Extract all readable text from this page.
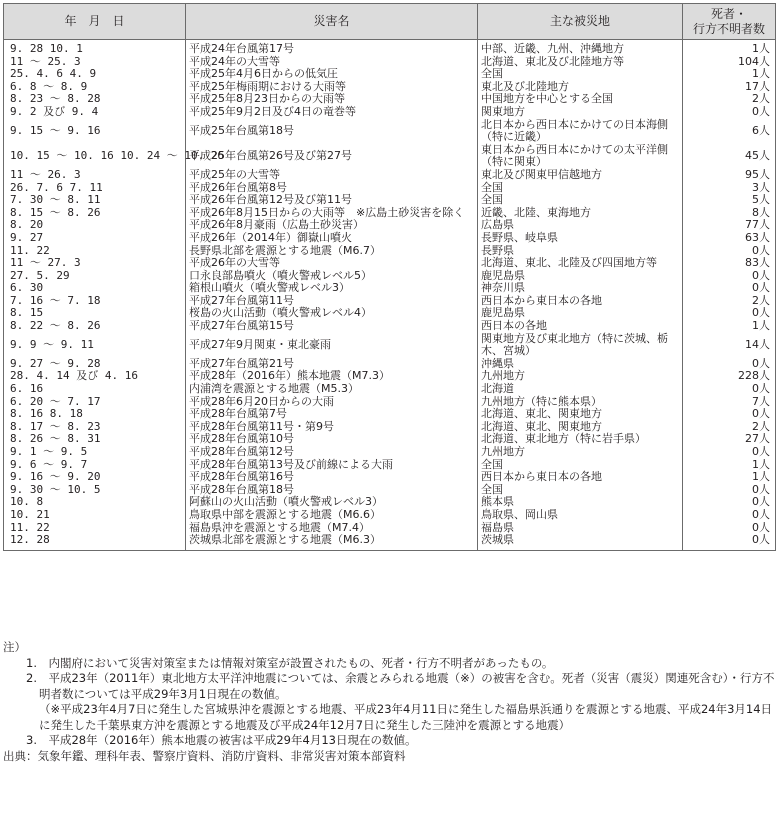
年　月　日	災害名	主な被災地	死者・
行方不明者数
9. 28 10. 1	平成24年台風第17号	中部、近畿、九州、沖縄地方	1人
11 ～ 25. 3	平成24年の大雪等	北海道、東北及び北陸地方等	104人
25. 4. 6 4. 9	平成25年4月6日からの低気圧	全国	1人
6. 8 ～ 8. 9	平成25年梅雨期における大雨等	東北及び北陸地方	17人
8. 23 ～ 8. 28	平成25年8月23日からの大雨等	中国地方を中心とする全国	2人
9. 2 及び 9. 4	平成25年9月2日及び4日の竜巻等	関東地方	0人
9. 15 ～ 9. 16	平成25年台風第18号	北日本から西日本にかけての日本海側（特に近畿）	6人
10. 15 ～ 10. 16 10. 24 ～ 10. 26	平成25年台風第26号及び第27号	東日本から西日本にかけての太平洋側（特に関東）	45人
11 ～ 26. 3	平成25年の大雪等	東北及び関東甲信越地方	95人
26. 7. 6 7. 11	平成26年台風第8号	全国	3人
7. 30 ～ 8. 11	平成26年台風第12号及び第11号	全国	5人
8. 15 ～ 8. 26	平成26年8月15日からの大雨等　※広島土砂災害を除く	近畿、北陸、東海地方	8人
8. 20	平成26年8月豪雨（広島土砂災害）	広島県	77人
9. 27	平成26年（2014年）御嶽山噴火	長野県、岐阜県	63人
11. 22	長野県北部を震源とする地震（M6.7）	長野県	0人
11 ～ 27. 3	平成26年の大雪等	北海道、東北、北陸及び四国地方等	83人
27. 5. 29	口永良部島噴火（噴火警戒レベル5）	鹿児島県	0人
6. 30	箱根山噴火（噴火警戒レベル3）	神奈川県	0人
7. 16 ～ 7. 18	平成27年台風第11号	西日本から東日本の各地	2人
8. 15	桜島の火山活動（噴火警戒レベル4）	鹿児島県	0人
8. 22 ～ 8. 26	平成27年台風第15号	西日本の各地	1人
9. 9 ～ 9. 11	平成27年9月関東・東北豪雨	関東地方及び東北地方（特に茨城、栃木、宮城）	14人
9. 27 ～ 9. 28	平成27年台風第21号	沖縄県	0人
28. 4. 14 及び 4. 16	平成28年（2016年）熊本地震（M7.3）	九州地方	228人
6. 16	内浦湾を震源とする地震（M5.3）	北海道	0人
6. 20 ～ 7. 17	平成28年6月20日からの大雨	九州地方（特に熊本県）	7人
8. 16 8. 18	平成28年台風第7号	北海道、東北、関東地方	0人
8. 17 ～ 8. 23	平成28年台風第11号・第9号	北海道、東北、関東地方	2人
8. 26 ～ 8. 31	平成28年台風第10号	北海道、東北地方（特に岩手県）	27人
9. 1 ～ 9. 5	平成28年台風第12号	九州地方	0人
9. 6 ～ 9. 7	平成28年台風第13号及び前線による大雨	全国	1人
9. 16 ～ 9. 20	平成28年台風第16号	西日本から東日本の各地	1人
9. 30 ～ 10. 5	平成28年台風第18号	全国	0人
10. 8	阿蘇山の火山活動（噴火警戒レベル3）	熊本県	0人
10. 21	鳥取県中部を震源とする地震（M6.6）	鳥取県、岡山県	0人
11. 22	福島県沖を震源とする地震（M7.4）	福島県	0人
12. 28	茨城県北部を震源とする地震（M6.3）	茨城県	0人

注）

1.　内閣府において災害対策室または情報対策室が設置されたもの、死者・行方不明者があったもの。

2.　平成23年（2011年）東北地方太平洋沖地震については、余震とみられる地震（※）の被害を含む。死者（災害（震災）関連死含む）・行方不明者数については平成29年3月1日現在の数値。

（※平成23年4月7日に発生した宮城県沖を震源とする地震、平成23年4月11日に発生した福島県浜通りを震源とする地震、平成24年3月14日に発生した千葉県東方沖を震源とする地震及び平成24年12月7日に発生した三陸沖を震源とする地震）

3.　平成28年（2016年）熊本地震の被害は平成29年4月13日現在の数値。

出典：気象年鑑、理科年表、警察庁資料、消防庁資料、非常災害対策本部資料
